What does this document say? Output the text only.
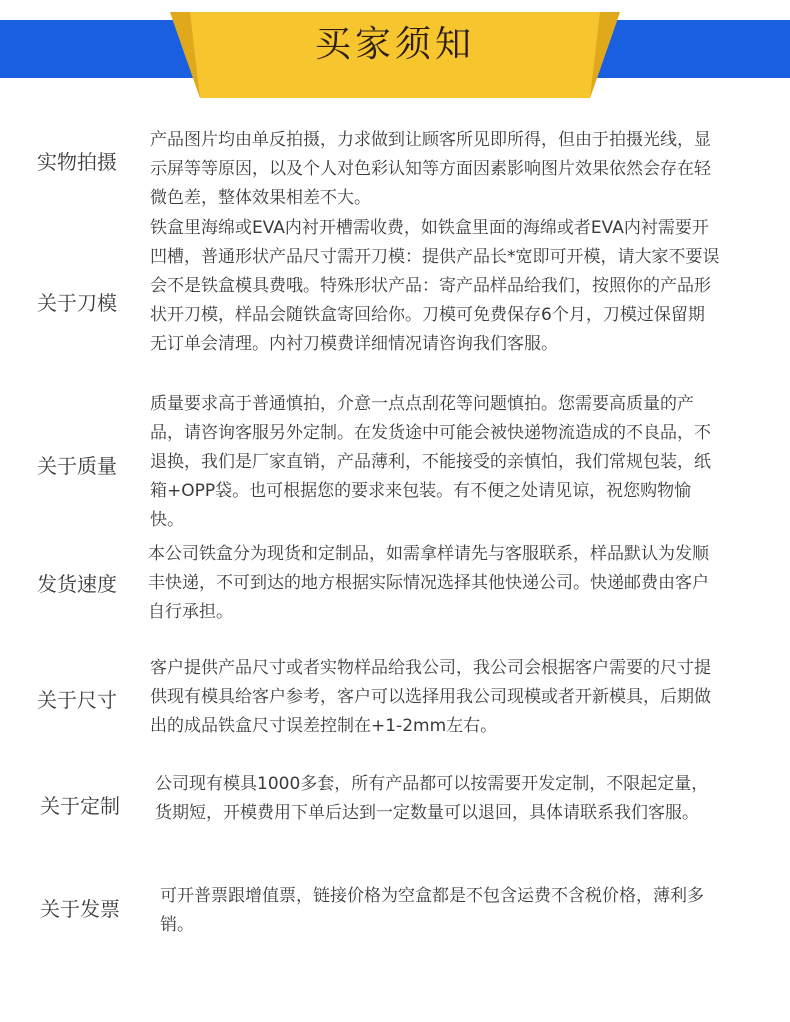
买家须知
实物拍摄
产品图片均由单反拍摄，力求做到让顾客所见即所得，但由于拍摄光线，显示屏等等原因，以及个人对色彩认知等方面因素影响图片效果依然会存在轻微色差，整体效果相差不大。
关于刀模
铁盒里海绵或EVA内衬开槽需收费，如铁盒里面的海绵或者EVA内衬需要开凹槽，普通形状产品尺寸需开刀模：提供产品长*宽即可开模，请大家不要误会不是铁盒模具费哦。特殊形状产品：寄产品样品给我们，按照你的产品形状开刀模，样品会随铁盒寄回给你。刀模可免费保存6个月，刀模过保留期无订单会清理。内衬刀模费详细情况请咨询我们客服。
关于质量
质量要求高于普通慎拍，介意一点点刮花等问题慎拍。您需要高质量的产品，请咨询客服另外定制。在发货途中可能会被快递物流造成的不良品，不退换，我们是厂家直销，产品薄利，不能接受的亲慎怕，我们常规包装，纸箱+OPP袋。也可根据您的要求来包装。有不便之处请见谅，祝您购物愉快。
发货速度
本公司铁盒分为现货和定制品，如需拿样请先与客服联系，样品默认为发顺丰快递，不可到达的地方根据实际情况选择其他快递公司。快递邮费由客户自行承担。
关于尺寸
客户提供产品尺寸或者实物样品给我公司，我公司会根据客户需要的尺寸提供现有模具给客户参考，客户可以选择用我公司现模或者开新模具，后期做出的成品铁盒尺寸误差控制在+1-2mm左右。
关于定制
公司现有模具1000多套，所有产品都可以按需要开发定制，不限起定量，货期短，开模费用下单后达到一定数量可以退回，具体请联系我们客服。
关于发票
可开普票跟增值票，链接价格为空盒都是不包含运费不含税价格，薄利多销。
